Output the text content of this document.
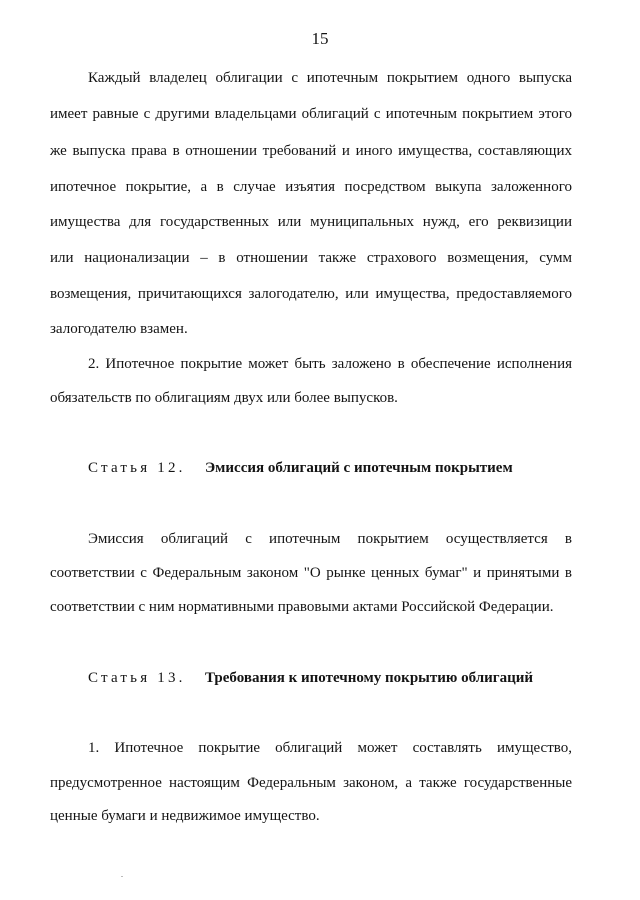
15
Каждый владелец облигации с ипотечным покрытием одного выпуска
имеет равные с другими владельцами облигаций с ипотечным покрытием этого
же выпуска права в отношении требований и иного имущества, составляющих
ипотечное покрытие, а в случае изъятия посредством выкупа заложенного
имущества для государственных или муниципальных нужд, его реквизиции
или национализации – в отношении также страхового возмещения, сумм
возмещения, причитающихся залогодателю, или имущества, предоставляемого
залогодателю взамен.
2. Ипотечное покрытие может быть заложено в обеспечение исполнения
обязательств по облигациям двух или более выпусков.
Статья 12. Эмиссия облигаций с ипотечным покрытием
Эмиссия облигаций с ипотечным покрытием осуществляется в
соответствии с Федеральным законом "О рынке ценных бумаг" и принятыми в
соответствии с ним нормативными правовыми актами Российской Федерации.
Статья 13. Требования к ипотечному покрытию облигаций
1. Ипотечное покрытие облигаций может составлять имущество,
предусмотренное настоящим Федеральным законом, а также государственные
ценные бумаги и недвижимое имущество.
